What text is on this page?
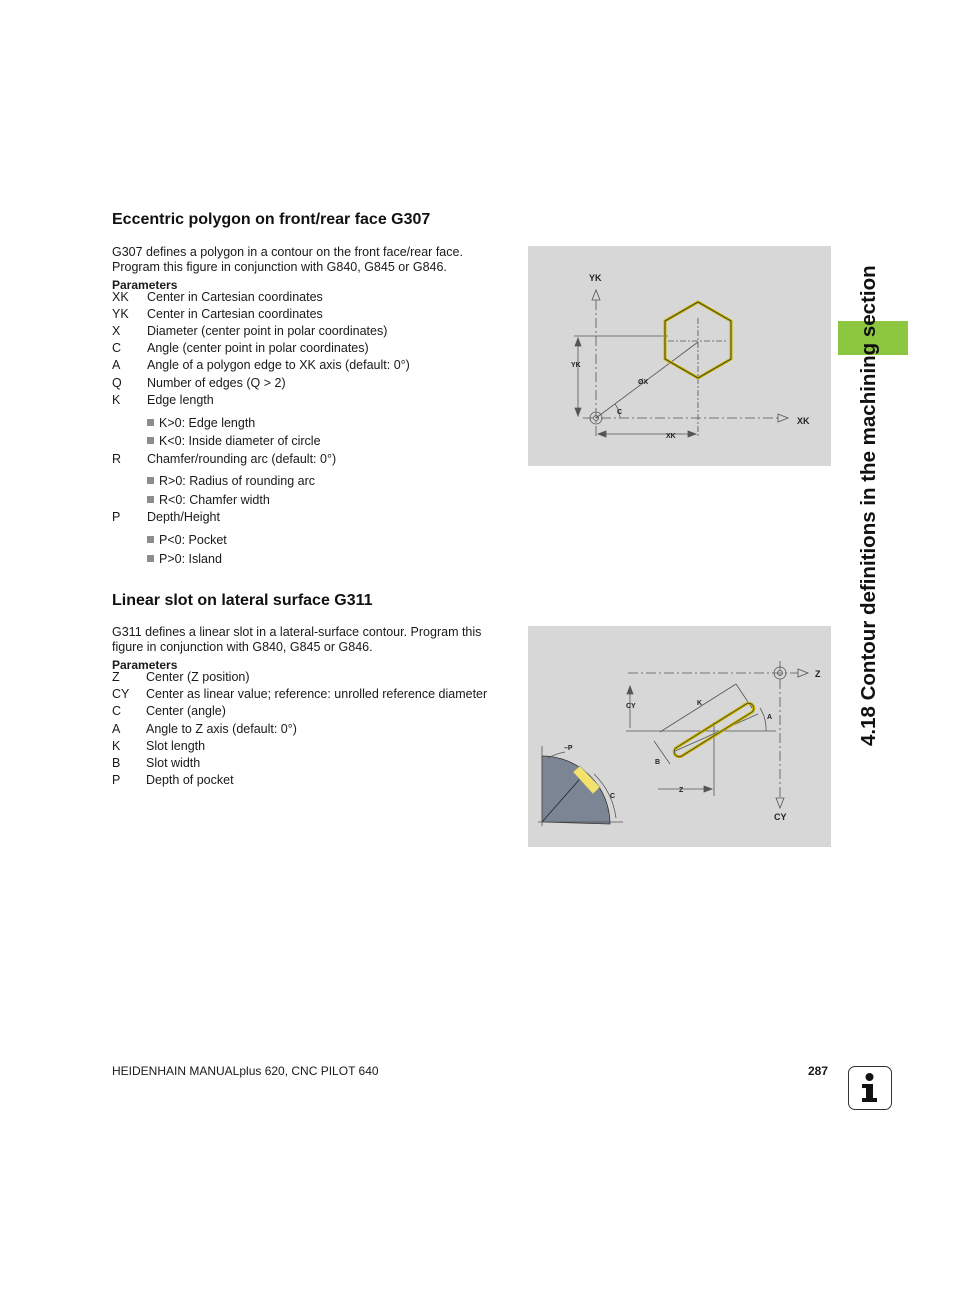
Eccentric polygon on front/rear face G307
G307 defines a polygon in a contour on the front face/rear face.
Program this figure in conjunction with G840, G845 or G846.
Parameters
XK Center in Cartesian coordinates
YK Center in Cartesian coordinates
X Diameter (center point in polar coordinates)
C Angle (center point in polar coordinates)
A Angle of a polygon edge to XK axis (default: 0°)
Q Number of edges (Q > 2)
K Edge length
K>0: Edge length
K<0: Inside diameter of circle
R Chamfer/rounding arc (default: 0°)
R>0: Radius of rounding arc
R<0: Chamfer width
P Depth/Height
P<0: Pocket
P>0: Island
YK
XK
YK
XK
ØX
C
Linear slot on lateral surface G311
G311 defines a linear slot in a lateral-surface contour. Program this
figure in conjunction with G840, G845 or G846.
Parameters
Z Center (Z position)
CY Center as linear value; reference: unrolled reference diameter
C Center (angle)
A Angle to Z axis (default: 0°)
K Slot length
B Slot width
P Depth of pocket
Z
CY
CY	K
A
B
Z
–P
C
4.18 Contour definitions in the machining section
HEIDENHAIN MANUALplus 620, CNC PILOT 640	287
